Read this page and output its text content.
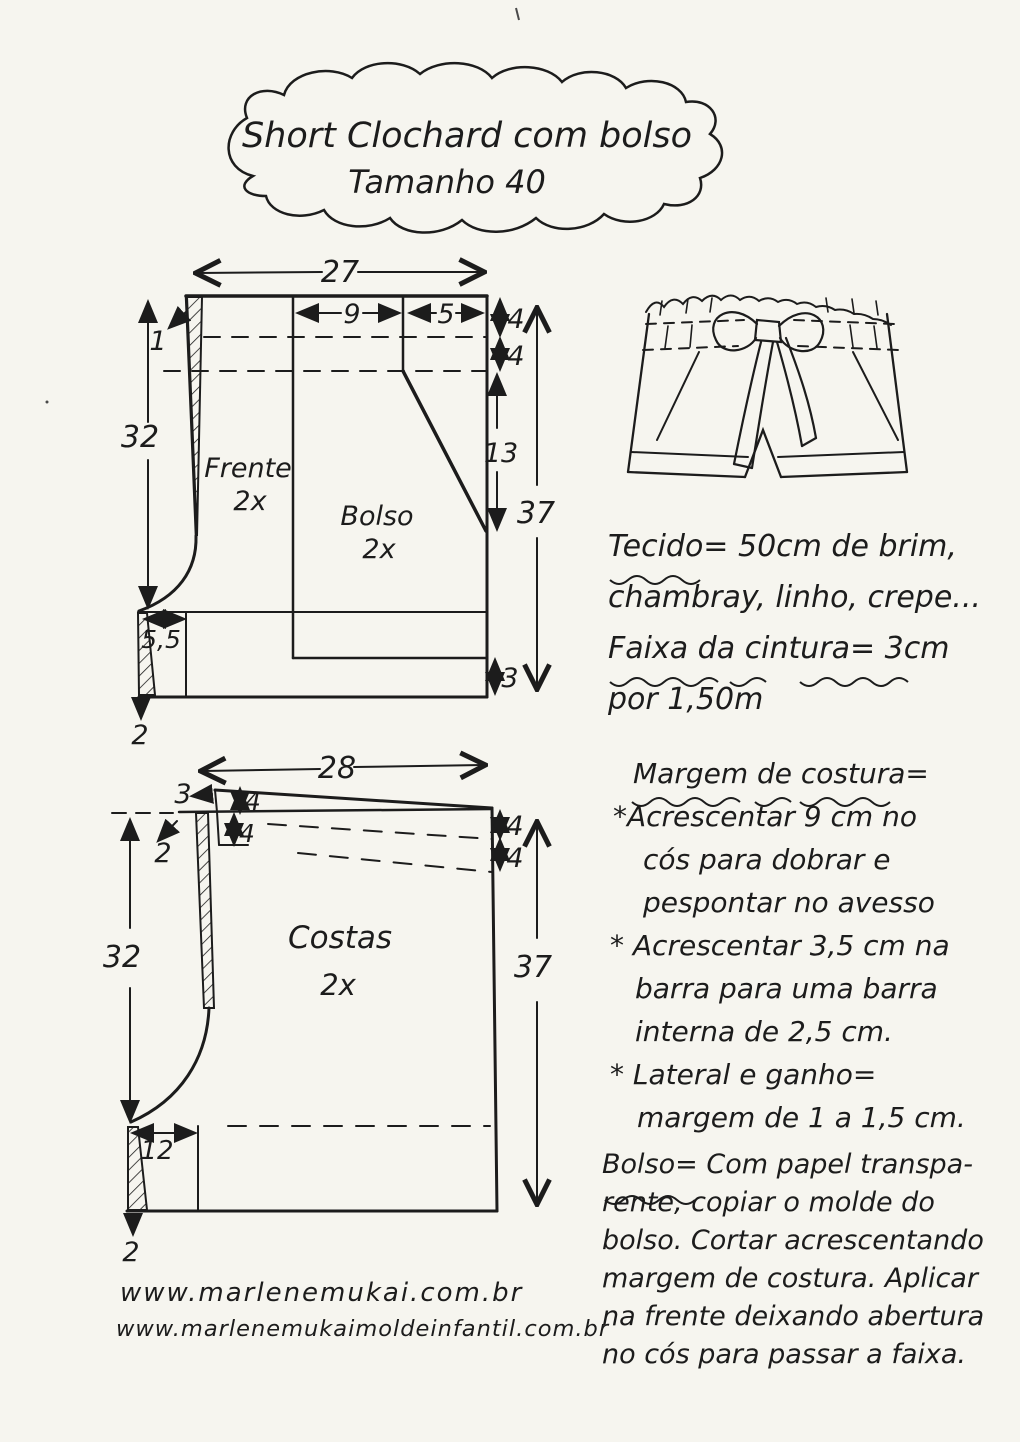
Short Clochard com bolso
Tamanho 40
27
9	5 4
4
13
37
3
32
5,5
2
1
Frente
2x	Bolso
2x
28
3 4
4
2
32
12
2
4
4
37
Costas
2x
Tecido= 50cm de brim,
chambray, linho, crepe...
Faixa da cintura= 3cm
por 1,50m
Margem de costura=
*Acrescentar 9 cm no
cós para dobrar e
pespontar no avesso
* Acrescentar 3,5 cm na
barra para uma barra
interna de 2,5 cm.
* Lateral e ganho=
margem de 1 a 1,5 cm.
Bolso= Com papel transpa-
rente, copiar o molde do
bolso. Cortar acrescentando
margem de costura. Aplicar
na frente deixando abertura
no cós para passar a faixa.
www.marlenemukai.com.br
www.marlenemukaimoldeinfantil.com.br
